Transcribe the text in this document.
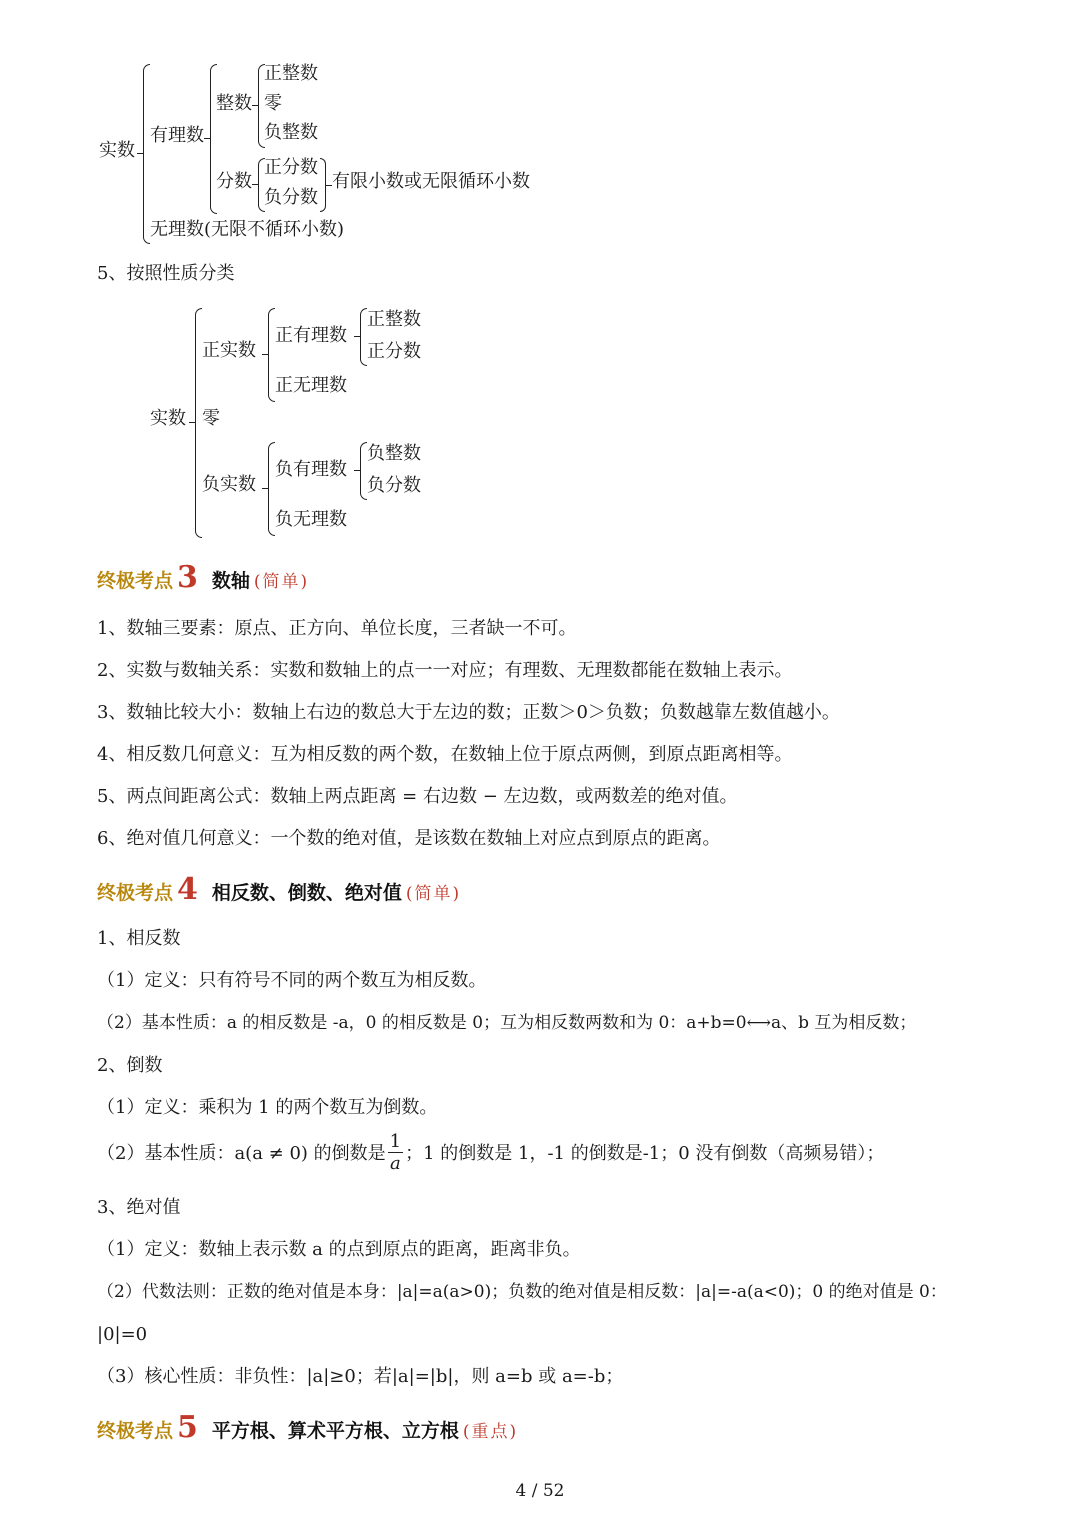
实数
有理数
整数
正整数
零
负整数
分数
正分数
负分数
有限小数或无限循环小数
无理数(无限不循环小数)
5、按照性质分类
实数 零
正实数
正有理数
正整数
正分数
正无理数
负实数
负有理数
负整数
负分数
负无理数
终极考点 3 数轴 (简单)
1、数轴三要素：原点、正方向、单位长度，三者缺一不可。
2、实数与数轴关系：实数和数轴上的点一一对应；有理数、无理数都能在数轴上表示。
3、数轴比较大小：数轴上右边的数总大于左边的数；正数＞0＞负数；负数越靠左数值越小。
4、相反数几何意义：互为相反数的两个数，在数轴上位于原点两侧，到原点距离相等。
5、两点间距离公式：数轴上两点距离 = 右边数 − 左边数，或两数差的绝对值。
6、绝对值几何意义：一个数的绝对值，是该数在数轴上对应点到原点的距离。
终极考点 4 相反数、倒数、绝对值 (简单)
1、相反数
（1）定义：只有符号不同的两个数互为相反数。
（2）基本性质：a 的相反数是 -a，0 的相反数是 0；互为相反数两数和为 0：a+b=0⟷a、b 互为相反数；
2、倒数
（1）定义：乘积为 1 的两个数互为倒数。
（2）基本性质：a(a ≠ 0) 的倒数是 $\frac{1}{a}$ ；1 的倒数是 1，-1 的倒数是-1；0 没有倒数（高频易错）；
3、绝对值
（1）定义：数轴上表示数 a 的点到原点的距离，距离非负。
（2）代数法则：正数的绝对值是本身：|a|=a(a>0)；负数的绝对值是相反数：|a|=-a(a<0)；0 的绝对值是 0：
|0|=0
（3）核心性质：非负性：|a|≥0；若|a|=|b|，则 a=b 或 a=-b；
终极考点 5 平方根、算术平方根、立方根 (重点)
4 / 52
